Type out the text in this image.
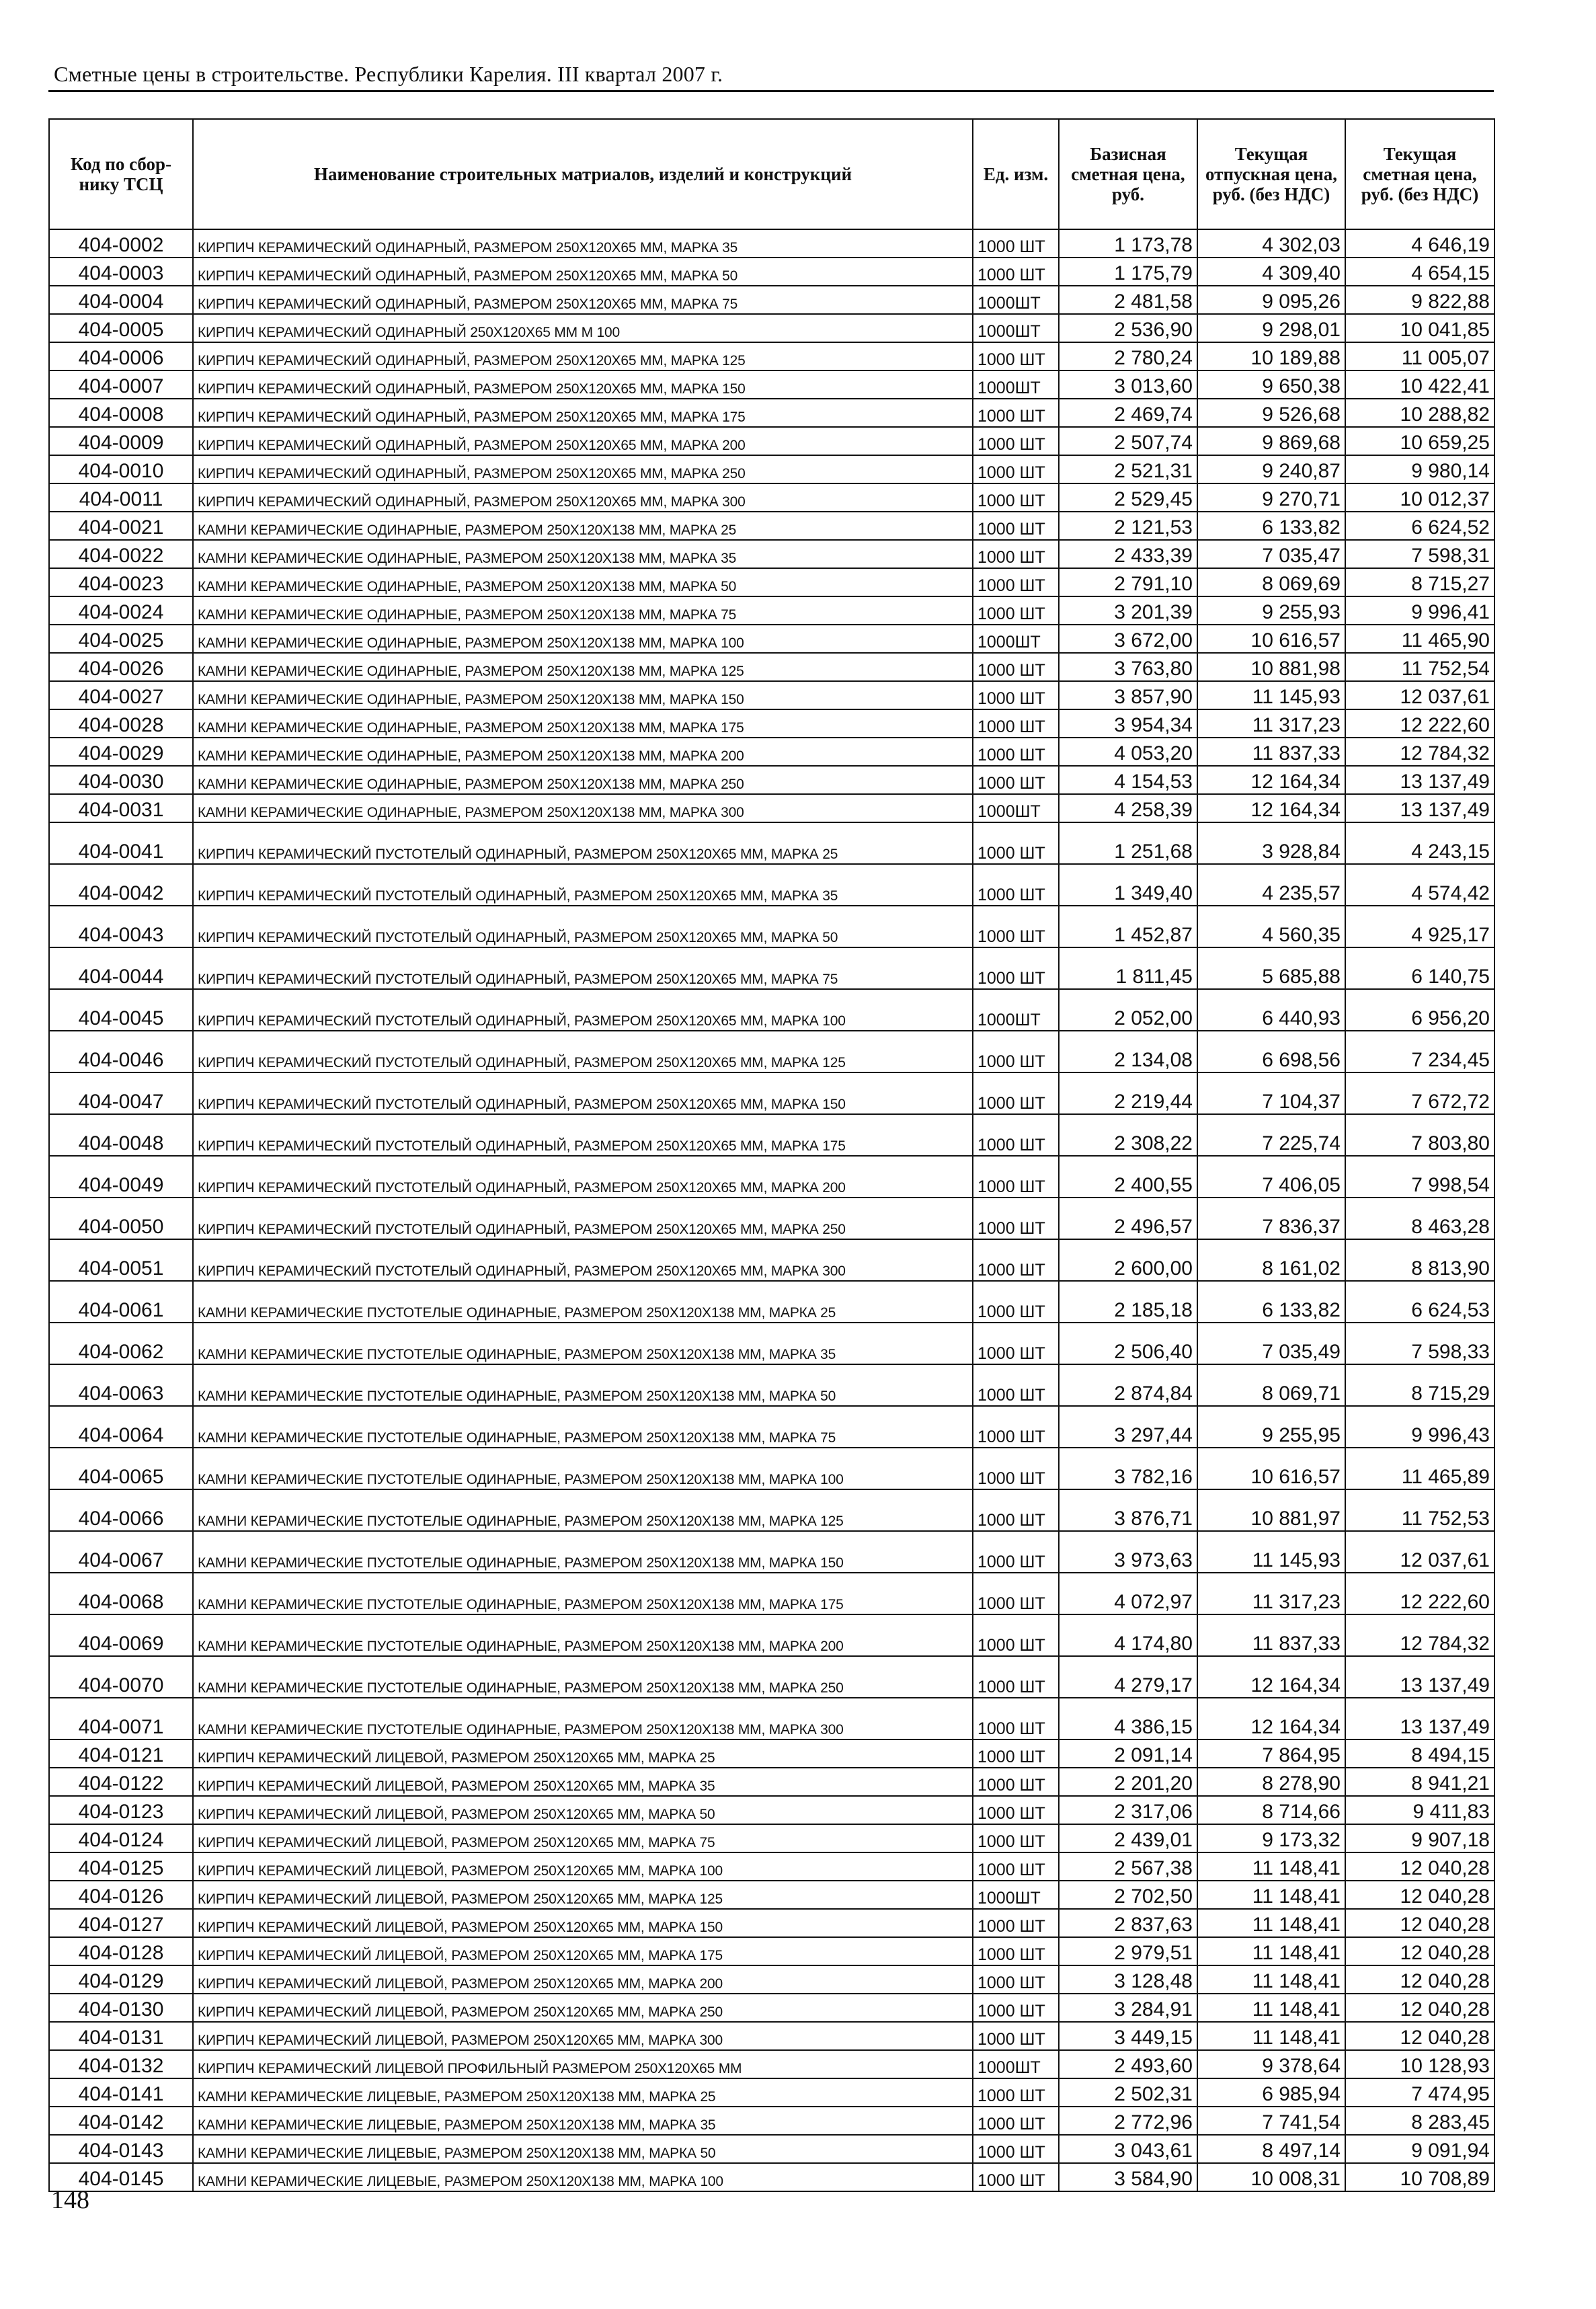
Сметные цены в строительстве. Республики Карелия. III квартал 2007 г.
Код по сбор-нику ТСЦ	Наименование строительных матриалов, изделий и конструкций	Ед. изм.	Базисная сметная цена, руб.	Текущая отпускная цена, руб. (без НДС)	Текущая сметная цена, руб. (без НДС)
404-0002	КИРПИЧ КЕРАМИЧЕСКИЙ ОДИНАРНЫЙ, РАЗМЕРОМ 250Х120Х65 ММ, МАРКА 35	1000 ШТ	1 173,78	4 302,03	4 646,19
404-0003	КИРПИЧ КЕРАМИЧЕСКИЙ ОДИНАРНЫЙ, РАЗМЕРОМ 250Х120Х65 ММ, МАРКА 50	1000 ШТ	1 175,79	4 309,40	4 654,15
404-0004	КИРПИЧ КЕРАМИЧЕСКИЙ ОДИНАРНЫЙ, РАЗМЕРОМ 250Х120Х65 ММ, МАРКА 75	1000ШТ	2 481,58	9 095,26	9 822,88
404-0005	КИРПИЧ КЕРАМИЧЕСКИЙ ОДИНАРНЫЙ 250Х120Х65 ММ М 100	1000ШТ	2 536,90	9 298,01	10 041,85
404-0006	КИРПИЧ КЕРАМИЧЕСКИЙ ОДИНАРНЫЙ, РАЗМЕРОМ 250Х120Х65 ММ, МАРКА 125	1000 ШТ	2 780,24	10 189,88	11 005,07
404-0007	КИРПИЧ КЕРАМИЧЕСКИЙ ОДИНАРНЫЙ, РАЗМЕРОМ 250Х120Х65 ММ, МАРКА 150	1000ШТ	3 013,60	9 650,38	10 422,41
404-0008	КИРПИЧ КЕРАМИЧЕСКИЙ ОДИНАРНЫЙ, РАЗМЕРОМ 250Х120Х65 ММ, МАРКА 175	1000 ШТ	2 469,74	9 526,68	10 288,82
404-0009	КИРПИЧ КЕРАМИЧЕСКИЙ ОДИНАРНЫЙ, РАЗМЕРОМ 250Х120Х65 ММ, МАРКА 200	1000 ШТ	2 507,74	9 869,68	10 659,25
404-0010	КИРПИЧ КЕРАМИЧЕСКИЙ ОДИНАРНЫЙ, РАЗМЕРОМ 250Х120Х65 ММ, МАРКА 250	1000 ШТ	2 521,31	9 240,87	9 980,14
404-0011	КИРПИЧ КЕРАМИЧЕСКИЙ ОДИНАРНЫЙ, РАЗМЕРОМ 250Х120Х65 ММ, МАРКА 300	1000 ШТ	2 529,45	9 270,71	10 012,37
404-0021	КАМНИ КЕРАМИЧЕСКИЕ ОДИНАРНЫЕ, РАЗМЕРОМ 250Х120Х138 ММ, МАРКА 25	1000 ШТ	2 121,53	6 133,82	6 624,52
404-0022	КАМНИ КЕРАМИЧЕСКИЕ ОДИНАРНЫЕ, РАЗМЕРОМ 250Х120Х138 ММ, МАРКА 35	1000 ШТ	2 433,39	7 035,47	7 598,31
404-0023	КАМНИ КЕРАМИЧЕСКИЕ ОДИНАРНЫЕ, РАЗМЕРОМ 250Х120Х138 ММ, МАРКА 50	1000 ШТ	2 791,10	8 069,69	8 715,27
404-0024	КАМНИ КЕРАМИЧЕСКИЕ ОДИНАРНЫЕ, РАЗМЕРОМ 250Х120Х138 ММ, МАРКА 75	1000 ШТ	3 201,39	9 255,93	9 996,41
404-0025	КАМНИ КЕРАМИЧЕСКИЕ ОДИНАРНЫЕ, РАЗМЕРОМ 250Х120Х138 ММ, МАРКА 100	1000ШТ	3 672,00	10 616,57	11 465,90
404-0026	КАМНИ КЕРАМИЧЕСКИЕ ОДИНАРНЫЕ, РАЗМЕРОМ 250Х120Х138 ММ, МАРКА 125	1000 ШТ	3 763,80	10 881,98	11 752,54
404-0027	КАМНИ КЕРАМИЧЕСКИЕ ОДИНАРНЫЕ, РАЗМЕРОМ 250Х120Х138 ММ, МАРКА 150	1000 ШТ	3 857,90	11 145,93	12 037,61
404-0028	КАМНИ КЕРАМИЧЕСКИЕ ОДИНАРНЫЕ, РАЗМЕРОМ 250Х120Х138 ММ, МАРКА 175	1000 ШТ	3 954,34	11 317,23	12 222,60
404-0029	КАМНИ КЕРАМИЧЕСКИЕ ОДИНАРНЫЕ, РАЗМЕРОМ 250Х120Х138 ММ, МАРКА 200	1000 ШТ	4 053,20	11 837,33	12 784,32
404-0030	КАМНИ КЕРАМИЧЕСКИЕ ОДИНАРНЫЕ, РАЗМЕРОМ 250Х120Х138 ММ, МАРКА 250	1000 ШТ	4 154,53	12 164,34	13 137,49
404-0031	КАМНИ КЕРАМИЧЕСКИЕ ОДИНАРНЫЕ, РАЗМЕРОМ 250Х120Х138 ММ, МАРКА 300	1000ШТ	4 258,39	12 164,34	13 137,49
404-0041	КИРПИЧ КЕРАМИЧЕСКИЙ ПУСТОТЕЛЫЙ ОДИНАРНЫЙ, РАЗМЕРОМ 250Х120Х65 ММ, МАРКА 25	1000 ШТ	1 251,68	3 928,84	4 243,15
404-0042	КИРПИЧ КЕРАМИЧЕСКИЙ ПУСТОТЕЛЫЙ ОДИНАРНЫЙ, РАЗМЕРОМ 250Х120Х65 ММ, МАРКА 35	1000 ШТ	1 349,40	4 235,57	4 574,42
404-0043	КИРПИЧ КЕРАМИЧЕСКИЙ ПУСТОТЕЛЫЙ ОДИНАРНЫЙ, РАЗМЕРОМ 250Х120Х65 ММ, МАРКА 50	1000 ШТ	1 452,87	4 560,35	4 925,17
404-0044	КИРПИЧ КЕРАМИЧЕСКИЙ ПУСТОТЕЛЫЙ ОДИНАРНЫЙ, РАЗМЕРОМ 250Х120Х65 ММ, МАРКА 75	1000 ШТ	1 811,45	5 685,88	6 140,75
404-0045	КИРПИЧ КЕРАМИЧЕСКИЙ ПУСТОТЕЛЫЙ ОДИНАРНЫЙ, РАЗМЕРОМ 250Х120Х65 ММ, МАРКА 100	1000ШТ	2 052,00	6 440,93	6 956,20
404-0046	КИРПИЧ КЕРАМИЧЕСКИЙ ПУСТОТЕЛЫЙ ОДИНАРНЫЙ, РАЗМЕРОМ 250Х120Х65 ММ, МАРКА 125	1000 ШТ	2 134,08	6 698,56	7 234,45
404-0047	КИРПИЧ КЕРАМИЧЕСКИЙ ПУСТОТЕЛЫЙ ОДИНАРНЫЙ, РАЗМЕРОМ 250Х120Х65 ММ, МАРКА 150	1000 ШТ	2 219,44	7 104,37	7 672,72
404-0048	КИРПИЧ КЕРАМИЧЕСКИЙ ПУСТОТЕЛЫЙ ОДИНАРНЫЙ, РАЗМЕРОМ 250Х120Х65 ММ, МАРКА 175	1000 ШТ	2 308,22	7 225,74	7 803,80
404-0049	КИРПИЧ КЕРАМИЧЕСКИЙ ПУСТОТЕЛЫЙ ОДИНАРНЫЙ, РАЗМЕРОМ 250Х120Х65 ММ, МАРКА 200	1000 ШТ	2 400,55	7 406,05	7 998,54
404-0050	КИРПИЧ КЕРАМИЧЕСКИЙ ПУСТОТЕЛЫЙ ОДИНАРНЫЙ, РАЗМЕРОМ 250Х120Х65 ММ, МАРКА 250	1000 ШТ	2 496,57	7 836,37	8 463,28
404-0051	КИРПИЧ КЕРАМИЧЕСКИЙ ПУСТОТЕЛЫЙ ОДИНАРНЫЙ, РАЗМЕРОМ 250Х120Х65 ММ, МАРКА 300	1000 ШТ	2 600,00	8 161,02	8 813,90
404-0061	КАМНИ КЕРАМИЧЕСКИЕ ПУСТОТЕЛЫЕ ОДИНАРНЫЕ, РАЗМЕРОМ 250Х120Х138 ММ, МАРКА 25	1000 ШТ	2 185,18	6 133,82	6 624,53
404-0062	КАМНИ КЕРАМИЧЕСКИЕ ПУСТОТЕЛЫЕ ОДИНАРНЫЕ, РАЗМЕРОМ 250Х120Х138 ММ, МАРКА 35	1000 ШТ	2 506,40	7 035,49	7 598,33
404-0063	КАМНИ КЕРАМИЧЕСКИЕ ПУСТОТЕЛЫЕ ОДИНАРНЫЕ, РАЗМЕРОМ 250Х120Х138 ММ, МАРКА 50	1000 ШТ	2 874,84	8 069,71	8 715,29
404-0064	КАМНИ КЕРАМИЧЕСКИЕ ПУСТОТЕЛЫЕ ОДИНАРНЫЕ, РАЗМЕРОМ 250Х120Х138 ММ, МАРКА 75	1000 ШТ	3 297,44	9 255,95	9 996,43
404-0065	КАМНИ КЕРАМИЧЕСКИЕ ПУСТОТЕЛЫЕ ОДИНАРНЫЕ, РАЗМЕРОМ 250Х120Х138 ММ, МАРКА 100	1000 ШТ	3 782,16	10 616,57	11 465,89
404-0066	КАМНИ КЕРАМИЧЕСКИЕ ПУСТОТЕЛЫЕ ОДИНАРНЫЕ, РАЗМЕРОМ 250Х120Х138 ММ, МАРКА 125	1000 ШТ	3 876,71	10 881,97	11 752,53
404-0067	КАМНИ КЕРАМИЧЕСКИЕ ПУСТОТЕЛЫЕ ОДИНАРНЫЕ, РАЗМЕРОМ 250Х120Х138 ММ, МАРКА 150	1000 ШТ	3 973,63	11 145,93	12 037,61
404-0068	КАМНИ КЕРАМИЧЕСКИЕ ПУСТОТЕЛЫЕ ОДИНАРНЫЕ, РАЗМЕРОМ 250Х120Х138 ММ, МАРКА 175	1000 ШТ	4 072,97	11 317,23	12 222,60
404-0069	КАМНИ КЕРАМИЧЕСКИЕ ПУСТОТЕЛЫЕ ОДИНАРНЫЕ, РАЗМЕРОМ 250Х120Х138 ММ, МАРКА 200	1000 ШТ	4 174,80	11 837,33	12 784,32
404-0070	КАМНИ КЕРАМИЧЕСКИЕ ПУСТОТЕЛЫЕ ОДИНАРНЫЕ, РАЗМЕРОМ 250Х120Х138 ММ, МАРКА 250	1000 ШТ	4 279,17	12 164,34	13 137,49
404-0071	КАМНИ КЕРАМИЧЕСКИЕ ПУСТОТЕЛЫЕ ОДИНАРНЫЕ, РАЗМЕРОМ 250Х120Х138 ММ, МАРКА 300	1000 ШТ	4 386,15	12 164,34	13 137,49
404-0121	КИРПИЧ КЕРАМИЧЕСКИЙ ЛИЦЕВОЙ, РАЗМЕРОМ 250Х120Х65 ММ, МАРКА 25	1000 ШТ	2 091,14	7 864,95	8 494,15
404-0122	КИРПИЧ КЕРАМИЧЕСКИЙ ЛИЦЕВОЙ, РАЗМЕРОМ 250Х120Х65 ММ, МАРКА 35	1000 ШТ	2 201,20	8 278,90	8 941,21
404-0123	КИРПИЧ КЕРАМИЧЕСКИЙ ЛИЦЕВОЙ, РАЗМЕРОМ 250Х120Х65 ММ, МАРКА 50	1000 ШТ	2 317,06	8 714,66	9 411,83
404-0124	КИРПИЧ КЕРАМИЧЕСКИЙ ЛИЦЕВОЙ, РАЗМЕРОМ 250Х120Х65 ММ, МАРКА 75	1000 ШТ	2 439,01	9 173,32	9 907,18
404-0125	КИРПИЧ КЕРАМИЧЕСКИЙ ЛИЦЕВОЙ, РАЗМЕРОМ 250Х120Х65 ММ, МАРКА 100	1000 ШТ	2 567,38	11 148,41	12 040,28
404-0126	КИРПИЧ КЕРАМИЧЕСКИЙ ЛИЦЕВОЙ, РАЗМЕРОМ 250Х120Х65 ММ, МАРКА 125	1000ШТ	2 702,50	11 148,41	12 040,28
404-0127	КИРПИЧ КЕРАМИЧЕСКИЙ ЛИЦЕВОЙ, РАЗМЕРОМ 250Х120Х65 ММ, МАРКА 150	1000 ШТ	2 837,63	11 148,41	12 040,28
404-0128	КИРПИЧ КЕРАМИЧЕСКИЙ ЛИЦЕВОЙ, РАЗМЕРОМ 250Х120Х65 ММ, МАРКА 175	1000 ШТ	2 979,51	11 148,41	12 040,28
404-0129	КИРПИЧ КЕРАМИЧЕСКИЙ ЛИЦЕВОЙ, РАЗМЕРОМ 250Х120Х65 ММ, МАРКА 200	1000 ШТ	3 128,48	11 148,41	12 040,28
404-0130	КИРПИЧ КЕРАМИЧЕСКИЙ ЛИЦЕВОЙ, РАЗМЕРОМ 250Х120Х65 ММ, МАРКА 250	1000 ШТ	3 284,91	11 148,41	12 040,28
404-0131	КИРПИЧ КЕРАМИЧЕСКИЙ ЛИЦЕВОЙ, РАЗМЕРОМ 250Х120Х65 ММ, МАРКА 300	1000 ШТ	3 449,15	11 148,41	12 040,28
404-0132	КИРПИЧ КЕРАМИЧЕСКИЙ ЛИЦЕВОЙ ПРОФИЛЬНЫЙ РАЗМЕРОМ 250Х120Х65 ММ	1000ШТ	2 493,60	9 378,64	10 128,93
404-0141	КАМНИ КЕРАМИЧЕСКИЕ ЛИЦЕВЫЕ, РАЗМЕРОМ 250Х120Х138 ММ, МАРКА 25	1000 ШТ	2 502,31	6 985,94	7 474,95
404-0142	КАМНИ КЕРАМИЧЕСКИЕ ЛИЦЕВЫЕ, РАЗМЕРОМ 250Х120Х138 ММ, МАРКА 35	1000 ШТ	2 772,96	7 741,54	8 283,45
404-0143	КАМНИ КЕРАМИЧЕСКИЕ ЛИЦЕВЫЕ, РАЗМЕРОМ 250Х120Х138 ММ, МАРКА 50	1000 ШТ	3 043,61	8 497,14	9 091,94
404-0145	КАМНИ КЕРАМИЧЕСКИЕ ЛИЦЕВЫЕ, РАЗМЕРОМ 250Х120Х138 ММ, МАРКА 100	1000 ШТ	3 584,90	10 008,31	10 708,89
148
